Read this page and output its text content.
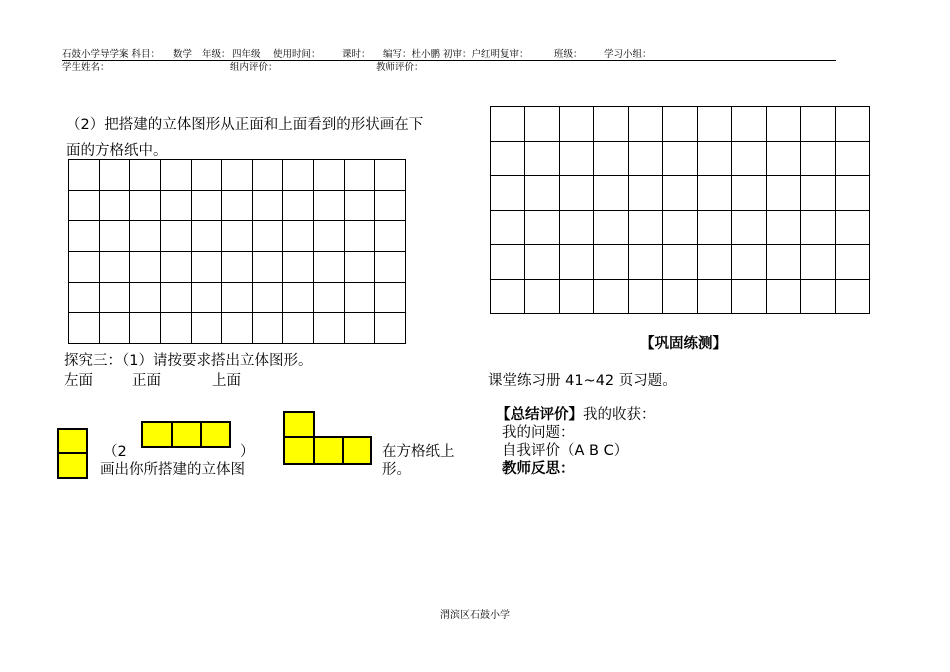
石鼓小学导学案 科目： 数学 年级： 四年级 使用时间： 课时： 编写：杜小鹏 初审：户红明复审：	班级： 学习小组：
学生姓名：	组内评价：	教师评价：
（2）把搭建的立体图形从正面和上面看到的形状画在下
面的方格纸中。

探究三：（1）请按要求搭出立体图形。
左面	正面	上面
（2	）
画出你所搭建的立体图
在方格纸上
形。

【巩固练测】
课堂练习册 41~42 页习题。
【总结评价】我的收获：
我的问题：
自我评价（A B C）
教师反思：
渭滨区石鼓小学
